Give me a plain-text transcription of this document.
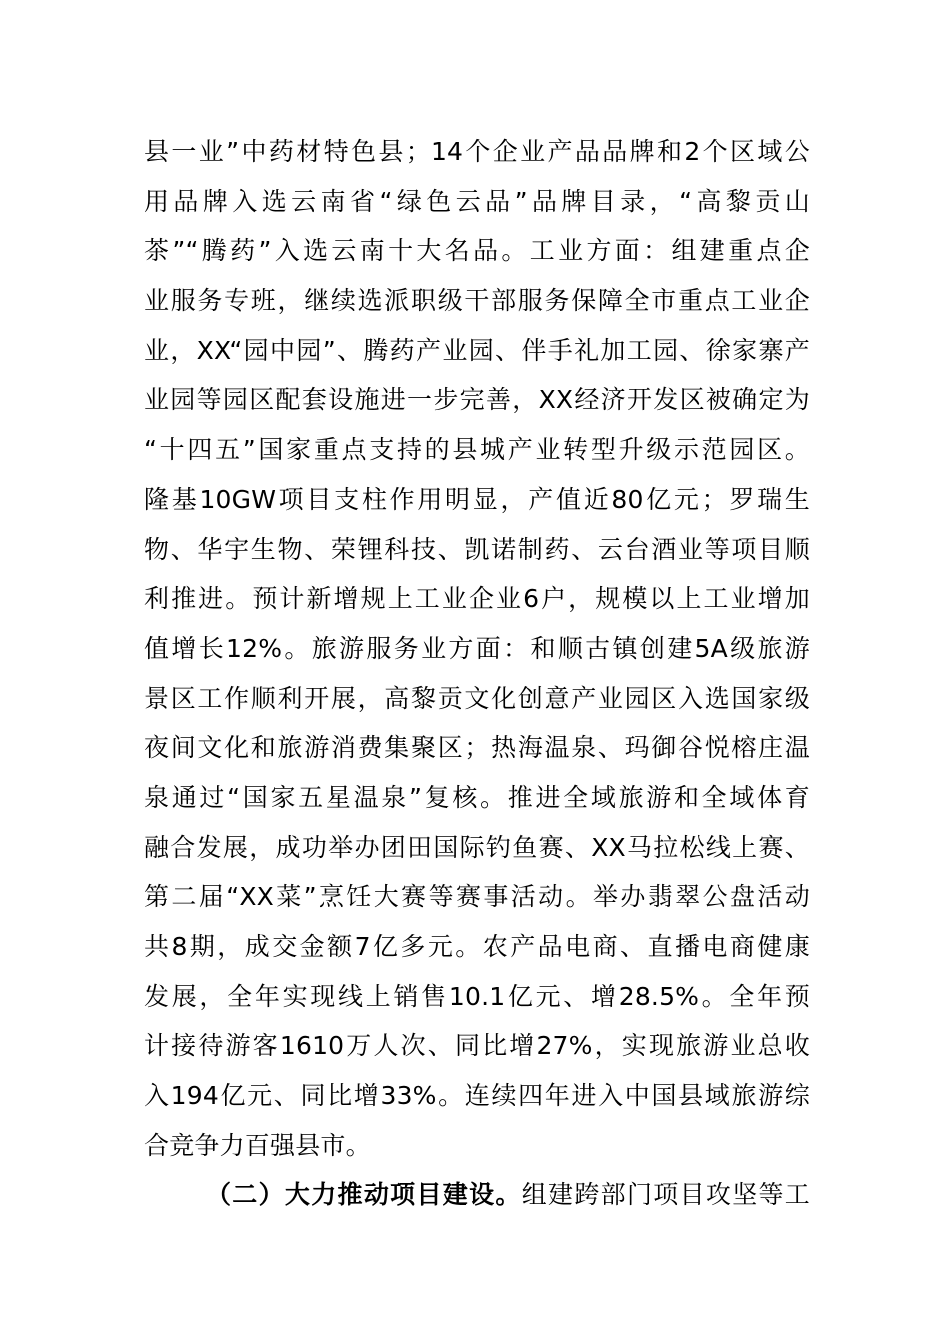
县一业”中药材特色县；14个企业产品品牌和2个区域公
用品牌入选云南省“绿色云品”品牌目录，“高黎贡山
茶”“腾药”入选云南十大名品。工业方面：组建重点企
业服务专班，继续选派职级干部服务保障全市重点工业企
业，XX“园中园”、腾药产业园、伴手礼加工园、徐家寨产
业园等园区配套设施进一步完善，XX经济开发区被确定为
“十四五”国家重点支持的县城产业转型升级示范园区。
隆基10GW项目支柱作用明显，产值近80亿元；罗瑞生
物、华宇生物、荣锂科技、凯诺制药、云台酒业等项目顺
利推进。预计新增规上工业企业6户，规模以上工业增加
值增长12%。旅游服务业方面：和顺古镇创建5A级旅游
景区工作顺利开展，高黎贡文化创意产业园区入选国家级
夜间文化和旅游消费集聚区；热海温泉、玛御谷悦榕庄温
泉通过“国家五星温泉”复核。推进全域旅游和全域体育
融合发展，成功举办团田国际钓鱼赛、XX马拉松线上赛、
第二届“XX菜”烹饪大赛等赛事活动。举办翡翠公盘活动
共8期，成交金额7亿多元。农产品电商、直播电商健康
发展，全年实现线上销售10.1亿元、增28.5%。全年预
计接待游客1610万人次、同比增27%，实现旅游业总收
入194亿元、同比增33%。连续四年进入中国县域旅游综
合竞争力百强县市。
（二）大力推动项目建设。组建跨部门项目攻坚等工
